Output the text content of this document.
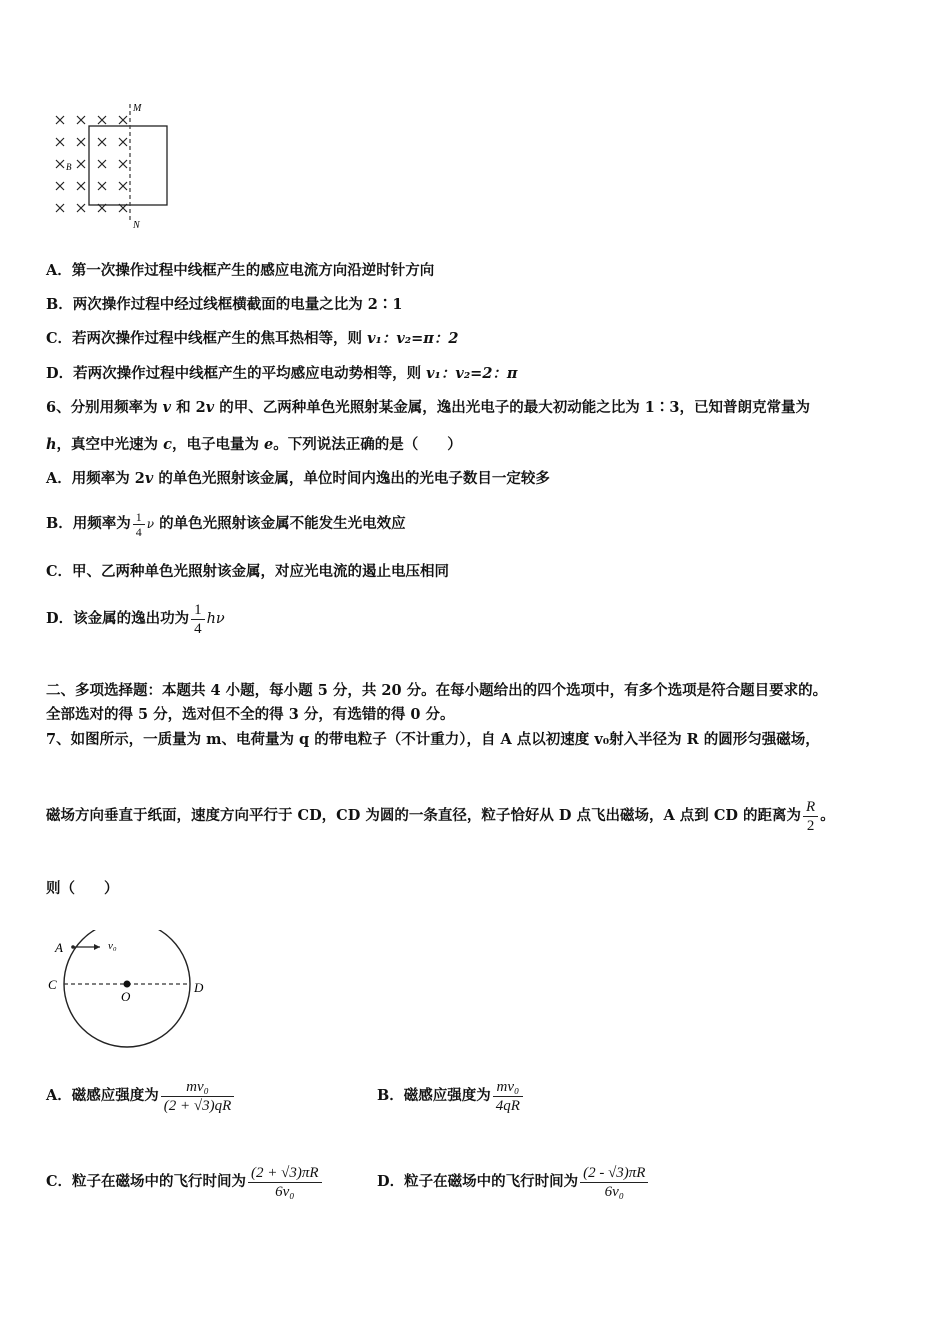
M
N
B
A．第一次操作过程中线框产生的感应电流方向沿逆时针方向
B．两次操作过程中经过线框横截面的电量之比为 2∶1
C．若两次操作过程中线框产生的焦耳热相等，则 v₁：v₂=π：2
D．若两次操作过程中线框产生的平均感应电动势相等，则 v₁：v₂=2：π
6、分别用频率为 v 和 2v 的甲、乙两种单色光照射某金属，逸出光电子的最大初动能之比为 1∶3，已知普朗克常量为
h，真空中光速为 c，电子电量为 e。下列说法正确的是（　　）
A．用频率为 2v 的单色光照射该金属，单位时间内逸出的光电子数目一定较多
B．用频率为 $\frac{1}{4}$ ν 的单色光照射该金属不能发生光电效应
C．甲、乙两种单色光照射该金属，对应光电流的遏止电压相同
D．该金属的逸出功为 $\frac{1}{4}$ hν
二、多项选择题：本题共 4 小题，每小题 5 分，共 20 分。在每小题给出的四个选项中，有多个选项是符合题目要求的。
全部选对的得 5 分，选对但不全的得 3 分，有选错的得 0 分。
7、如图所示，一质量为 m、电荷量为 q 的带电粒子（不计重力），自 A 点以初速度 v₀射入半径为 R 的圆形匀强磁场，
磁场方向垂直于纸面，速度方向平行于 CD，CD 为圆的一条直径，粒子恰好从 D 点飞出磁场，A 点到 CD 的距离为 $\frac{R}{2}$ 。
则（　　）
A	v₀
C	D
O
A．磁感应强度为 $\frac{\text{mv₀}}{(2 + √3)qR}$	B．磁感应强度为 $\frac{\text{mv₀}}{4qR}$
C．粒子在磁场中的飞行时间为 $\frac{(2 + √3)\pi R}{\text{6v₀}}$	D．粒子在磁场中的飞行时间为 $\frac{(2 - √3)\pi R}{\text{6v₀}}$
